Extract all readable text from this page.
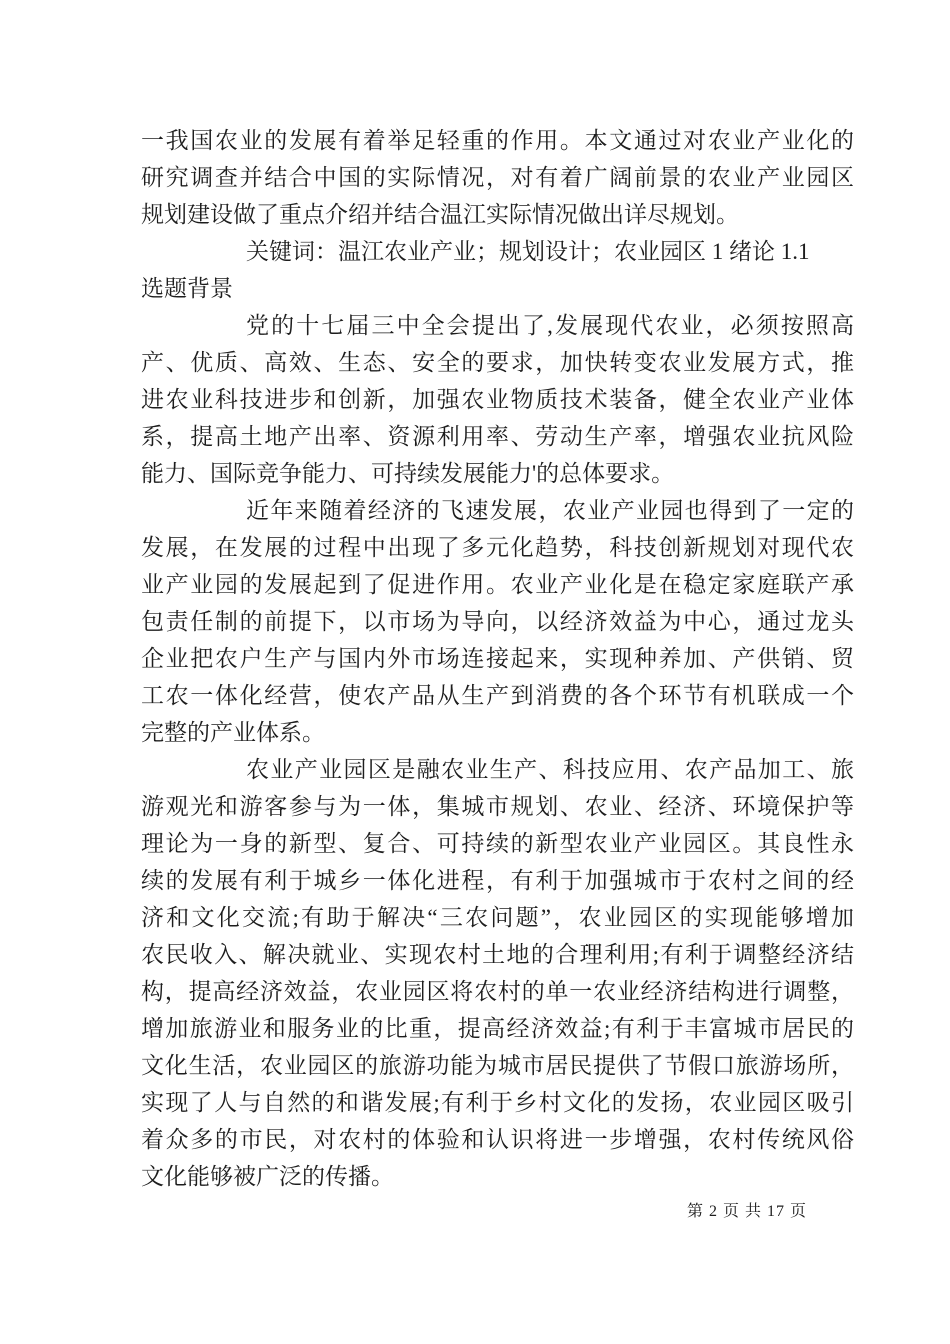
一我国农业的发展有着举足轻重的作用。本文通过对农业产业化的
研究调查并结合中国的实际情况，对有着广阔前景的农业产业园区
规划建设做了重点介绍并结合温江实际情况做出详尽规划。
关键词：温江农业产业；规划设计；农业园区 1 绪论 1.1
选题背景
党的十七届三中全会提出了,发展现代农业，必须按照高
产、优质、高效、生态、安全的要求，加快转变农业发展方式，推
进农业科技进步和创新，加强农业物质技术装备，健全农业产业体
系，提高土地产出率、资源利用率、劳动生产率，增强农业抗风险
能力、国际竞争能力、可持续发展能力'的总体要求。
近年来随着经济的飞速发展，农业产业园也得到了一定的
发展，在发展的过程中出现了多元化趋势，科技创新规划对现代农
业产业园的发展起到了促进作用。农业产业化是在稳定家庭联产承
包责任制的前提下，以市场为导向，以经济效益为中心，通过龙头
企业把农户生产与国内外市场连接起来，实现种养加、产供销、贸
工农一体化经营，使农产品从生产到消费的各个环节有机联成一个
完整的产业体系。
农业产业园区是融农业生产、科技应用、农产品加工、旅
游观光和游客参与为一体，集城市规划、农业、经济、环境保护等
理论为一身的新型、复合、可持续的新型农业产业园区。其良性永
续的发展有利于城乡一体化进程，有利于加强城市于农村之间的经
济和文化交流;有助于解决“三农问题”，农业园区的实现能够增加
农民收入、解决就业、实现农村土地的合理利用;有利于调整经济结
构，提高经济效益，农业园区将农村的单一农业经济结构进行调整，
增加旅游业和服务业的比重，提高经济效益;有利于丰富城市居民的
文化生活，农业园区的旅游功能为城市居民提供了节假口旅游场所，
实现了人与自然的和谐发展;有利于乡村文化的发扬，农业园区吸引
着众多的市民，对农村的体验和认识将进一步增强，农村传统风俗
文化能够被广泛的传播。
第 2 页 共 17 页
